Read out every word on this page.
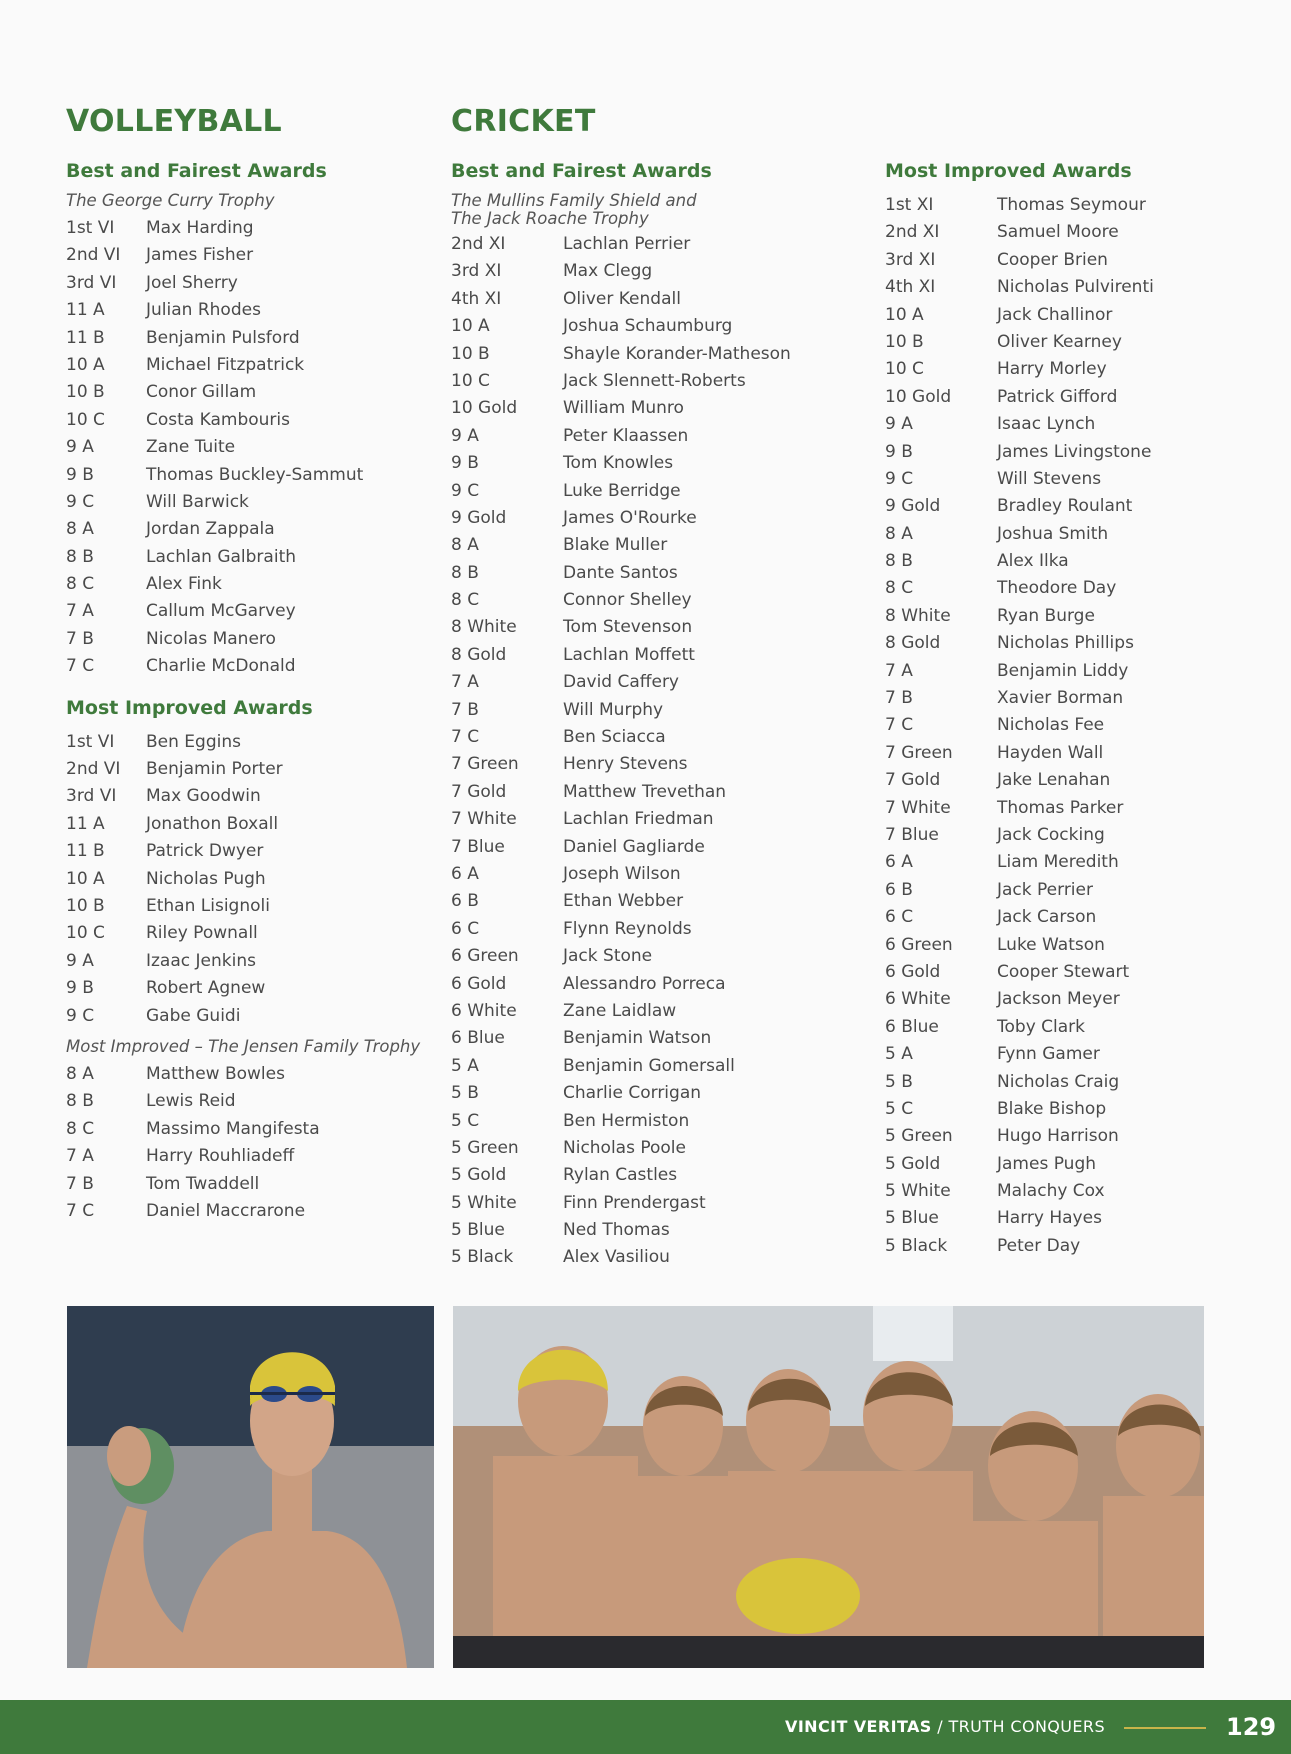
VOLLEYBALL
Best and Fairest Awards
The George Curry Trophy
1st VI Max Harding
2nd VI James Fisher
3rd VI Joel Sherry
11 A Julian Rhodes
11 B Benjamin Pulsford
10 A Michael Fitzpatrick
10 B Conor Gillam
10 C Costa Kambouris
9 A	Zane Tuite
9 B	Thomas Buckley-Sammut
9 C	Will Barwick
8 A	Jordan Zappala
8 B	Lachlan Galbraith
8 C	Alex Fink
7 A	Callum McGarvey
7 B	Nicolas Manero
7 C	Charlie McDonald
Most Improved Awards
1st VI Ben Eggins
2nd VI Benjamin Porter
3rd VI Max Goodwin
11 A Jonathon Boxall
11 B Patrick Dwyer
10 A Nicholas Pugh
10 B Ethan Lisignoli
10 C Riley Pownall
9 A	Izaac Jenkins
9 B	Robert Agnew
9 C	Gabe Guidi
Most Improved – The Jensen Family Trophy
8 A	Matthew Bowles
8 B	Lewis Reid
8 C	Massimo Mangifesta
7 A	Harry Rouhliadeff
7 B	Tom Twaddell
7 C	Daniel Maccrarone
CRICKET
Best and Fairest Awards
The Mullins Family Shield and
The Jack Roache Trophy
2nd XI	Lachlan Perrier
3rd XI	Max Clegg
4th XI	Oliver Kendall
10 A	Joshua Schaumburg
10 B	Shayle Korander-Matheson
10 C	Jack Slennett-Roberts
10 Gold	William Munro
9 A	Peter Klaassen
9 B	Tom Knowles
9 C	Luke Berridge
9 Gold	James O'Rourke
8 A	Blake Muller
8 B	Dante Santos
8 C	Connor Shelley
8 White	Tom Stevenson
8 Gold	Lachlan Moffett
7 A	David Caffery
7 B	Will Murphy
7 C	Ben Sciacca
7 Green	Henry Stevens
7 Gold	Matthew Trevethan
7 White	Lachlan Friedman
7 Blue	Daniel Gagliarde
6 A	Joseph Wilson
6 B	Ethan Webber
6 C	Flynn Reynolds
6 Green	Jack Stone
6 Gold	Alessandro Porreca
6 White	Zane Laidlaw
6 Blue	Benjamin Watson
5 A	Benjamin Gomersall
5 B	Charlie Corrigan
5 C	Ben Hermiston
5 Green	Nicholas Poole
5 Gold	Rylan Castles
5 White	Finn Prendergast
5 Blue	Ned Thomas
5 Black	Alex Vasiliou
Most Improved Awards
1st XI	Thomas Seymour
2nd XI	Samuel Moore
3rd XI	Cooper Brien
4th XI	Nicholas Pulvirenti
10 A	Jack Challinor
10 B	Oliver Kearney
10 C	Harry Morley
10 Gold	Patrick Gifford
9 A	Isaac Lynch
9 B	James Livingstone
9 C	Will Stevens
9 Gold	Bradley Roulant
8 A	Joshua Smith
8 B	Alex Ilka
8 C	Theodore Day
8 White	Ryan Burge
8 Gold	Nicholas Phillips
7 A	Benjamin Liddy
7 B	Xavier Borman
7 C	Nicholas Fee
7 Green	Hayden Wall
7 Gold	Jake Lenahan
7 White	Thomas Parker
7 Blue	Jack Cocking
6 A	Liam Meredith
6 B	Jack Perrier
6 C	Jack Carson
6 Green	Luke Watson
6 Gold	Cooper Stewart
6 White	Jackson Meyer
6 Blue	Toby Clark
5 A	Fynn Gamer
5 B	Nicholas Craig
5 C	Blake Bishop
5 Green	Hugo Harrison
5 Gold	James Pugh
5 White	Malachy Cox
5 Blue	Harry Hayes
5 Black	Peter Day
VINCIT VERITAS / TRUTH CONQUERS	129
